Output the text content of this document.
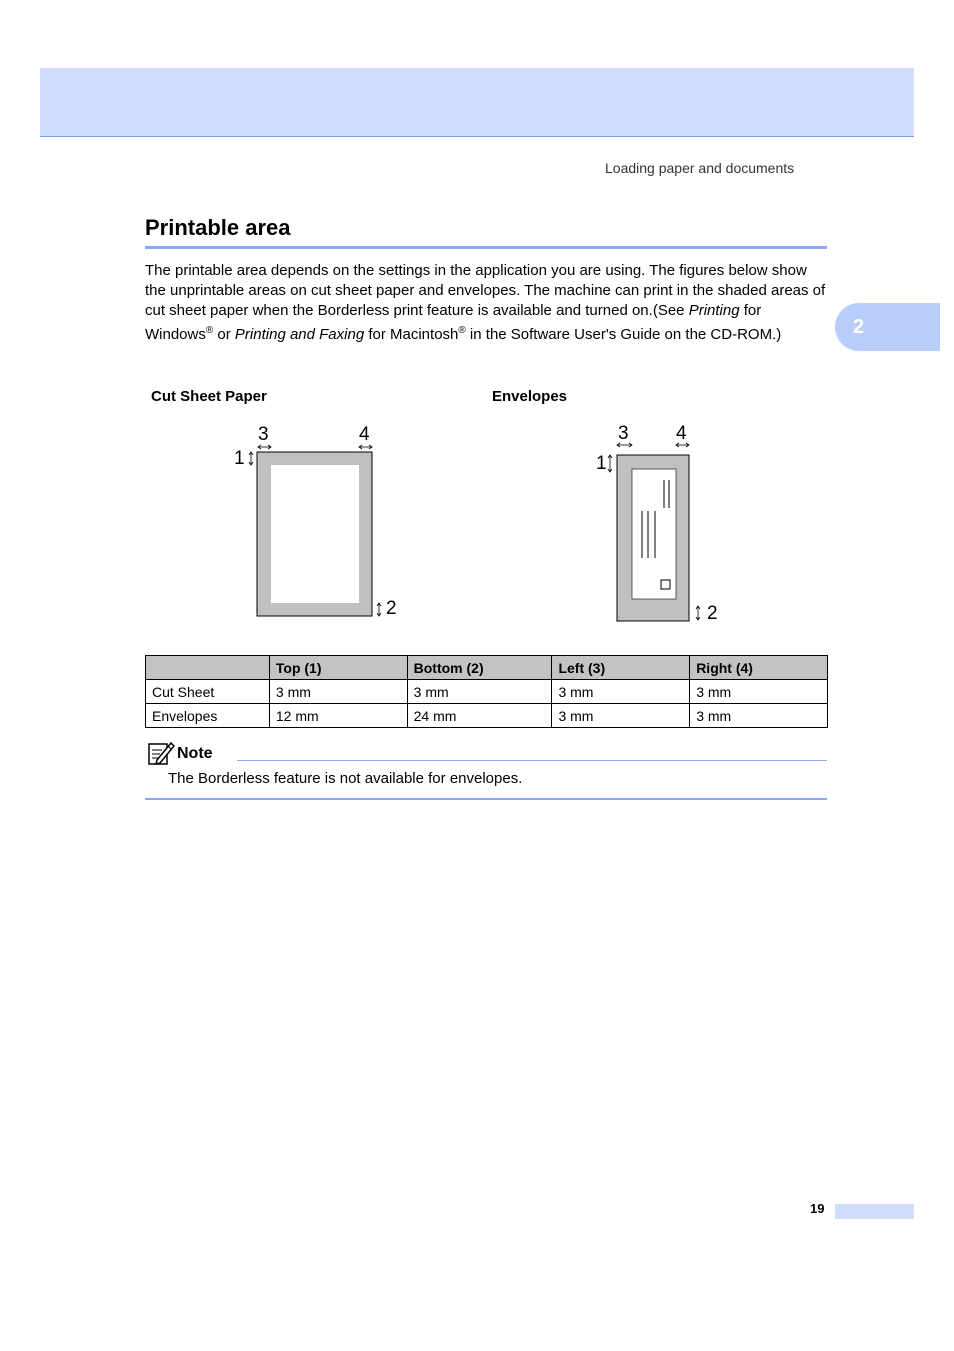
Loading paper and documents
2
Printable area

The printable area depends on the settings in the application you are using. The figures below show the unprintable areas on cut sheet paper and envelopes. The machine can print in the shaded areas of cut sheet paper when the Borderless print feature is available and turned on.(See Printing for Windows® or Printing and Faxing for Macintosh® in the Software User's Guide on the CD-ROM.)

Cut Sheet Paper	Envelopes
3	4
1
2
3 4
1
2
	Top (1)	Bottom (2)	Left (3)	Right (4)
Cut Sheet	3 mm	3 mm	3 mm	3 mm
Envelopes	12 mm	24 mm	3 mm	3 mm
Note
The Borderless feature is not available for envelopes.
19
